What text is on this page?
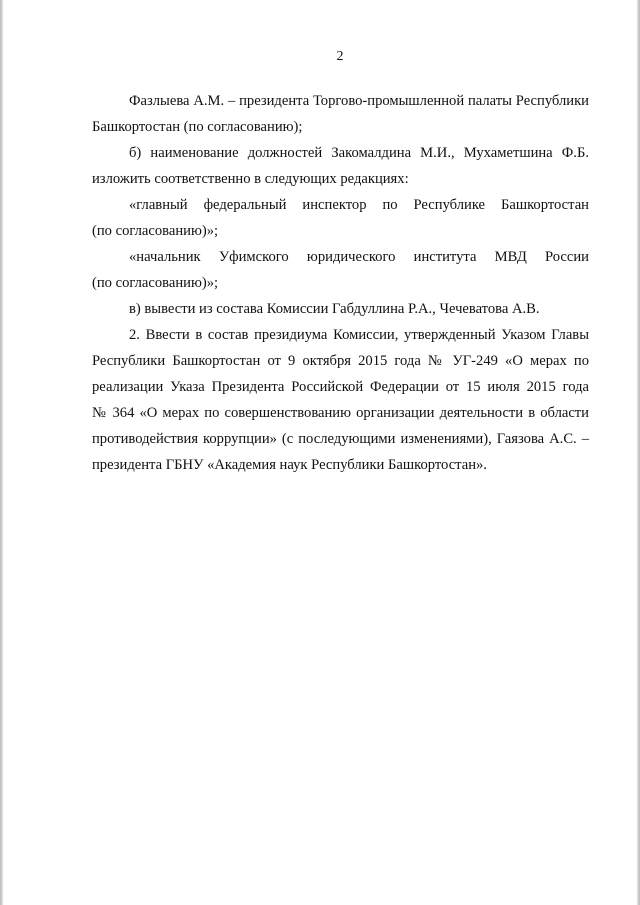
2
Фазлыева А.М. – президента Торгово-промышленной палаты Республики
Башкортостан (по согласованию);
б) наименование должностей Закомалдина М.И., Мухаметшина Ф.Б.
изложить соответственно в следующих редакциях:
«главный федеральный инспектор по Республике Башкортостан
(по согласованию)»;
«начальник Уфимского юридического института МВД России
(по согласованию)»;
в) вывести из состава Комиссии Габдуллина Р.А., Чечеватова А.В.
2. Ввести в состав президиума Комиссии, утвержденный Указом Главы
Республики Башкортостан от 9 октября 2015 года № УГ-249 «О мерах по
реализации Указа Президента Российской Федерации от 15 июля 2015 года
№ 364 «О мерах по совершенствованию организации деятельности в области
противодействия коррупции» (с последующими изменениями), Гаязова А.С. –
президента ГБНУ «Академия наук Республики Башкортостан».
